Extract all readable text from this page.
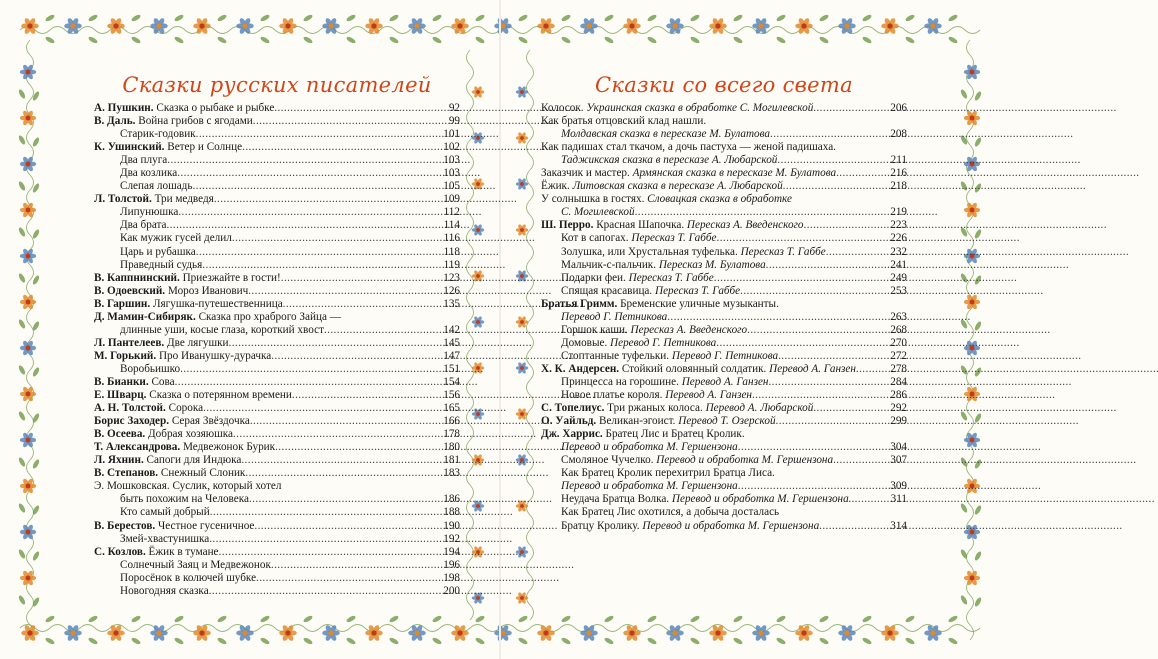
Сказки русских писателей
А. Пушкин. Сказка о рыбаке и рыбке . . .	92
В. Даль. Война грибов с ягодами . . .	99
Старик-годовик . . .	101
К. Ушинский. Ветер и Солнце . . .	102
Два плуга . . .	103
Два козлика . . .	103
Слепая лошадь . . .	105
Л. Толстой. Три медведя . . .	109
Липунюшка . . .	112
Два брата . . .	114
Как мужик гусей делил . . .	116
Царь и рубашка . . .	118
Праведный судья . . .	119
В. Каппнинский. Приезжайте в гости! . . .	123
В. Одоевский. Мороз Иванович . . .	126
В. Гаршин. Лягушка-путешественница . . .	135
Д. Мамин-Сибиряк. Сказка про храброго Зайца —
длинные уши, косые глаза, короткий хвост . . .	142
Л. Пантелеев. Две лягушки . . .	145
М. Горький. Про Иванушку-дурачка . . .	147
Воробьишко . . .	151
В. Бианки. Сова . . .	154
Е. Шварц. Сказка о потерянном времени . . .	156
А. Н. Толстой. Сорока . . .	165
Борис Заходер. Серая Звёздочка . . .	166
В. Осеева. Добрая хозяюшка . . .	178
Т. Александрова. Медвежонок Бурик . . .	180
Л. Яхнин. Сапоги для Индюка . . .	181
В. Степанов. Снежный Слоник . . .	183
Э. Мошковская. Суслик, который хотел
быть похожим на Человека . . .	186
Кто самый добрый . . .	188
В. Берестов. Честное гусеничное . . .	190
Змей-хвастунишка . . .	192
С. Козлов. Ёжик в тумане . . .	194
Солнечный Заяц и Медвежонок . . .	196
Поросёнок в колючей шубке . . .	198
Новогодняя сказка . . .	200
Сказки со всего света
Колосок. Украинская сказка в обработке С. Могилевской . . .	206
Как братья отцовский клад нашли.
Молдавская сказка в пересказе М. Булатова . . .	208
Как падишах стал ткачом, а дочь пастуха — женой падишаха.
Таджикская сказка в пересказе А. Любарской . . .	211
Заказчик и мастер. Армянская сказка в пересказе М. Булатова . . .	216
Ёжик. Литовская сказка в пересказе А. Любарской . . .	218
У солнышка в гостях. Словацкая сказка в обработке
С. Могилевской . . .	219
Ш. Перро. Красная Шапочка. Пересказ А. Введенского . . .	223
Кот в сапогах. Пересказ Т. Габбе . . .	226
Золушка, или Хрустальная туфелька. Пересказ Т. Габбе . . .	232
Мальчик-с-пальчик. Пересказ М. Булатова . . .	241
Подарки феи. Пересказ Т. Габбе . . .	249
Спящая красавица. Пересказ Т. Габбе . . .	253
Братья Гримм. Бременские уличные музыканты.
Перевод Г. Петникова . . .	263
Горшок каши. Пересказ А. Введенского . . .	268
Домовые. Перевод Г. Петникова . . .	270
Стоптанные туфельки. Перевод Г. Петникова . . .	272
Х. К. Андерсен. Стойкий оловянный солдатик. Перевод А. Ганзен . . .	278
Принцесса на горошине. Перевод А. Ганзен . . .	284
Новое платье короля. Перевод А. Ганзен . . .	286
С. Топелиус. Три ржаных колоса. Перевод А. Любарской . . .	292
О. Уайльд. Великан-эгоист. Перевод Т. Озерской . . .	299
Дж. Харрис. Братец Лис и Братец Кролик.
Перевод и обработка М. Гершензона . . .	304
Смоляное Чучелко. Перевод и обработка М. Гершензона . . .	307
Как Братец Кролик перехитрил Братца Лиса.
Перевод и обработка М. Гершензона . . .	309
Неудача Братца Волка. Перевод и обработка М. Гершензона. . . .	311
Как Братец Лис охотился, а добыча досталась
Братцу Кролику. Перевод и обработка М. Гершензона . . .	314
